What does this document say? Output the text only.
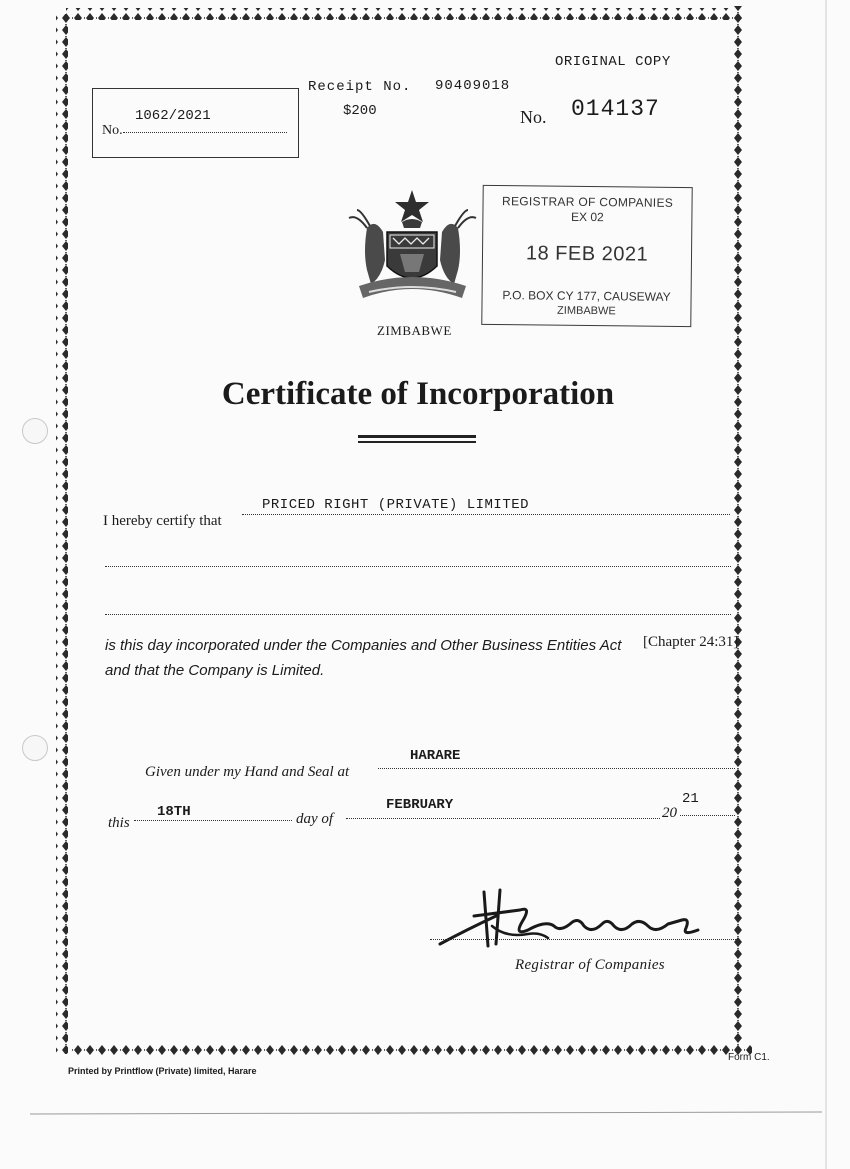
ORIGINAL COPY
Receipt No. 90409018
$200
1062/2021
No.
No. 014137
ZIMBABWE
REGISTRAR OF COMPANIES
EX 02
18 FEB 2021
P.O. BOX CY 177, CAUSEWAY
ZIMBABWE
Certificate of Incorporation
I hereby certify that
PRICED RIGHT (PRIVATE) LIMITED
is this day incorporated under the Companies and Other Business Entities Act [Chapter 24:31]
and that the Company is Limited.
Given under my Hand and Seal at
HARARE
this
18TH	day of
FEBRUARY	20
21
Registrar of Companies
Form C1.
Printed by Printflow (Private) limited, Harare
